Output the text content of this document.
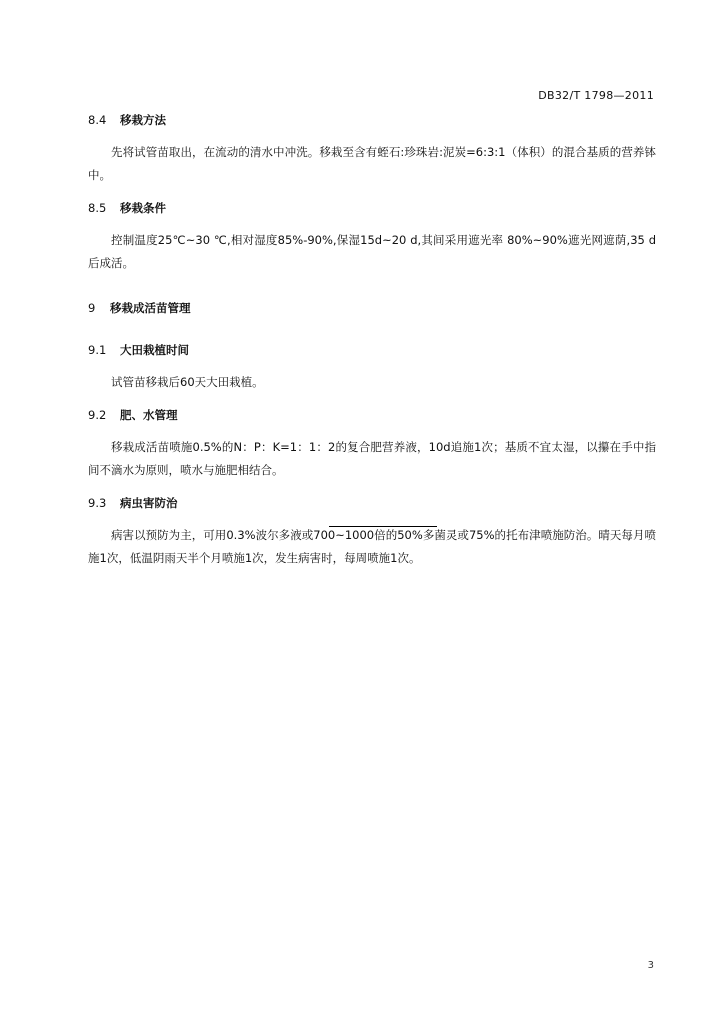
DB32/T 1798—2011
8.4 移栽方法

先将试管苗取出，在流动的清水中冲洗。移栽至含有蛭石:珍珠岩:泥炭=6:3:1（体积）的混合基质的营养钵中。

8.5 移栽条件

控制温度25℃~30 ℃,相对湿度85%-90%,保湿15d~20 d,其间采用遮光率 80%~90%遮光网遮荫,35 d后成活。

9 移栽成活苗管理
9.1 大田栽植时间

试管苗移栽后60天大田栽植。

9.2 肥、水管理

移栽成活苗喷施0.5%的N：P：K=1：1：2的复合肥营养液，10d追施1次；基质不宜太湿，以攥在手中指间不滴水为原则，喷水与施肥相结合。

9.3 病虫害防治

病害以预防为主，可用0.3%波尔多液或700~1000倍的50%多菌灵或75%的托布津喷施防治。晴天每月喷施1次，低温阴雨天半个月喷施1次，发生病害时，每周喷施1次。

3
